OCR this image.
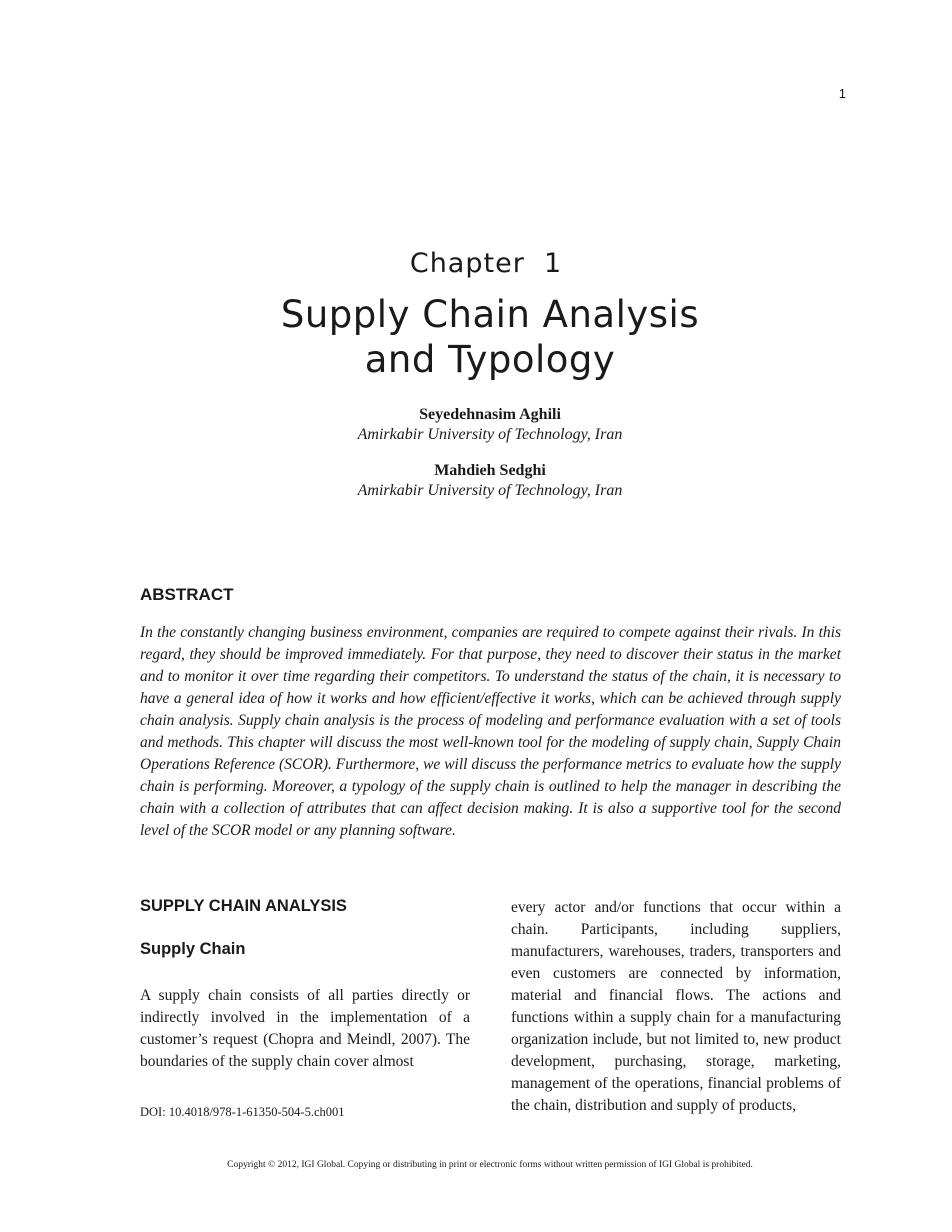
1
Chapter  1
Supply Chain Analysis
and Typology
Seyedehnasim Aghili
Amirkabir University of Technology, Iran
Mahdieh Sedghi
Amirkabir University of Technology, Iran
ABSTRACT
In the constantly changing business environment, companies are required to compete against their rivals. In this regard, they should be improved immediately. For that purpose, they need to discover their status in the market and to monitor it over time regarding their competitors. To understand the status of the chain, it is necessary to have a general idea of how it works and how efficient/effective it works, which can be achieved through supply chain analysis. Supply chain analysis is the process of modeling and performance evaluation with a set of tools and methods. This chapter will discuss the most well-known tool for the modeling of supply chain, Supply Chain Operations Reference (SCOR). Furthermore, we will discuss the performance metrics to evaluate how the supply chain is performing. Moreover, a typology of the supply chain is outlined to help the manager in describing the chain with a collection of attributes that can affect decision making. It is also a supportive tool for the second level of the SCOR model or any planning software.
SUPPLY CHAIN ANALYSIS
Supply Chain
A supply chain consists of all parties directly or indirectly involved in the implementation of a customer’s request (Chopra and Meindl, 2007). The boundaries of the supply chain cover almost
every actor and/or functions that occur within a chain. Participants, including suppliers, manufacturers, warehouses, traders, transporters and even customers are connected by information, material and financial flows. The actions and functions within a supply chain for a manufacturing organization include, but not limited to, new product development, purchasing, storage, marketing, management of the operations, financial problems of the chain, distribution and supply of products,
DOI: 10.4018/978-1-61350-504-5.ch001
Copyright © 2012, IGI Global. Copying or distributing in print or electronic forms without written permission of IGI Global is prohibited.
